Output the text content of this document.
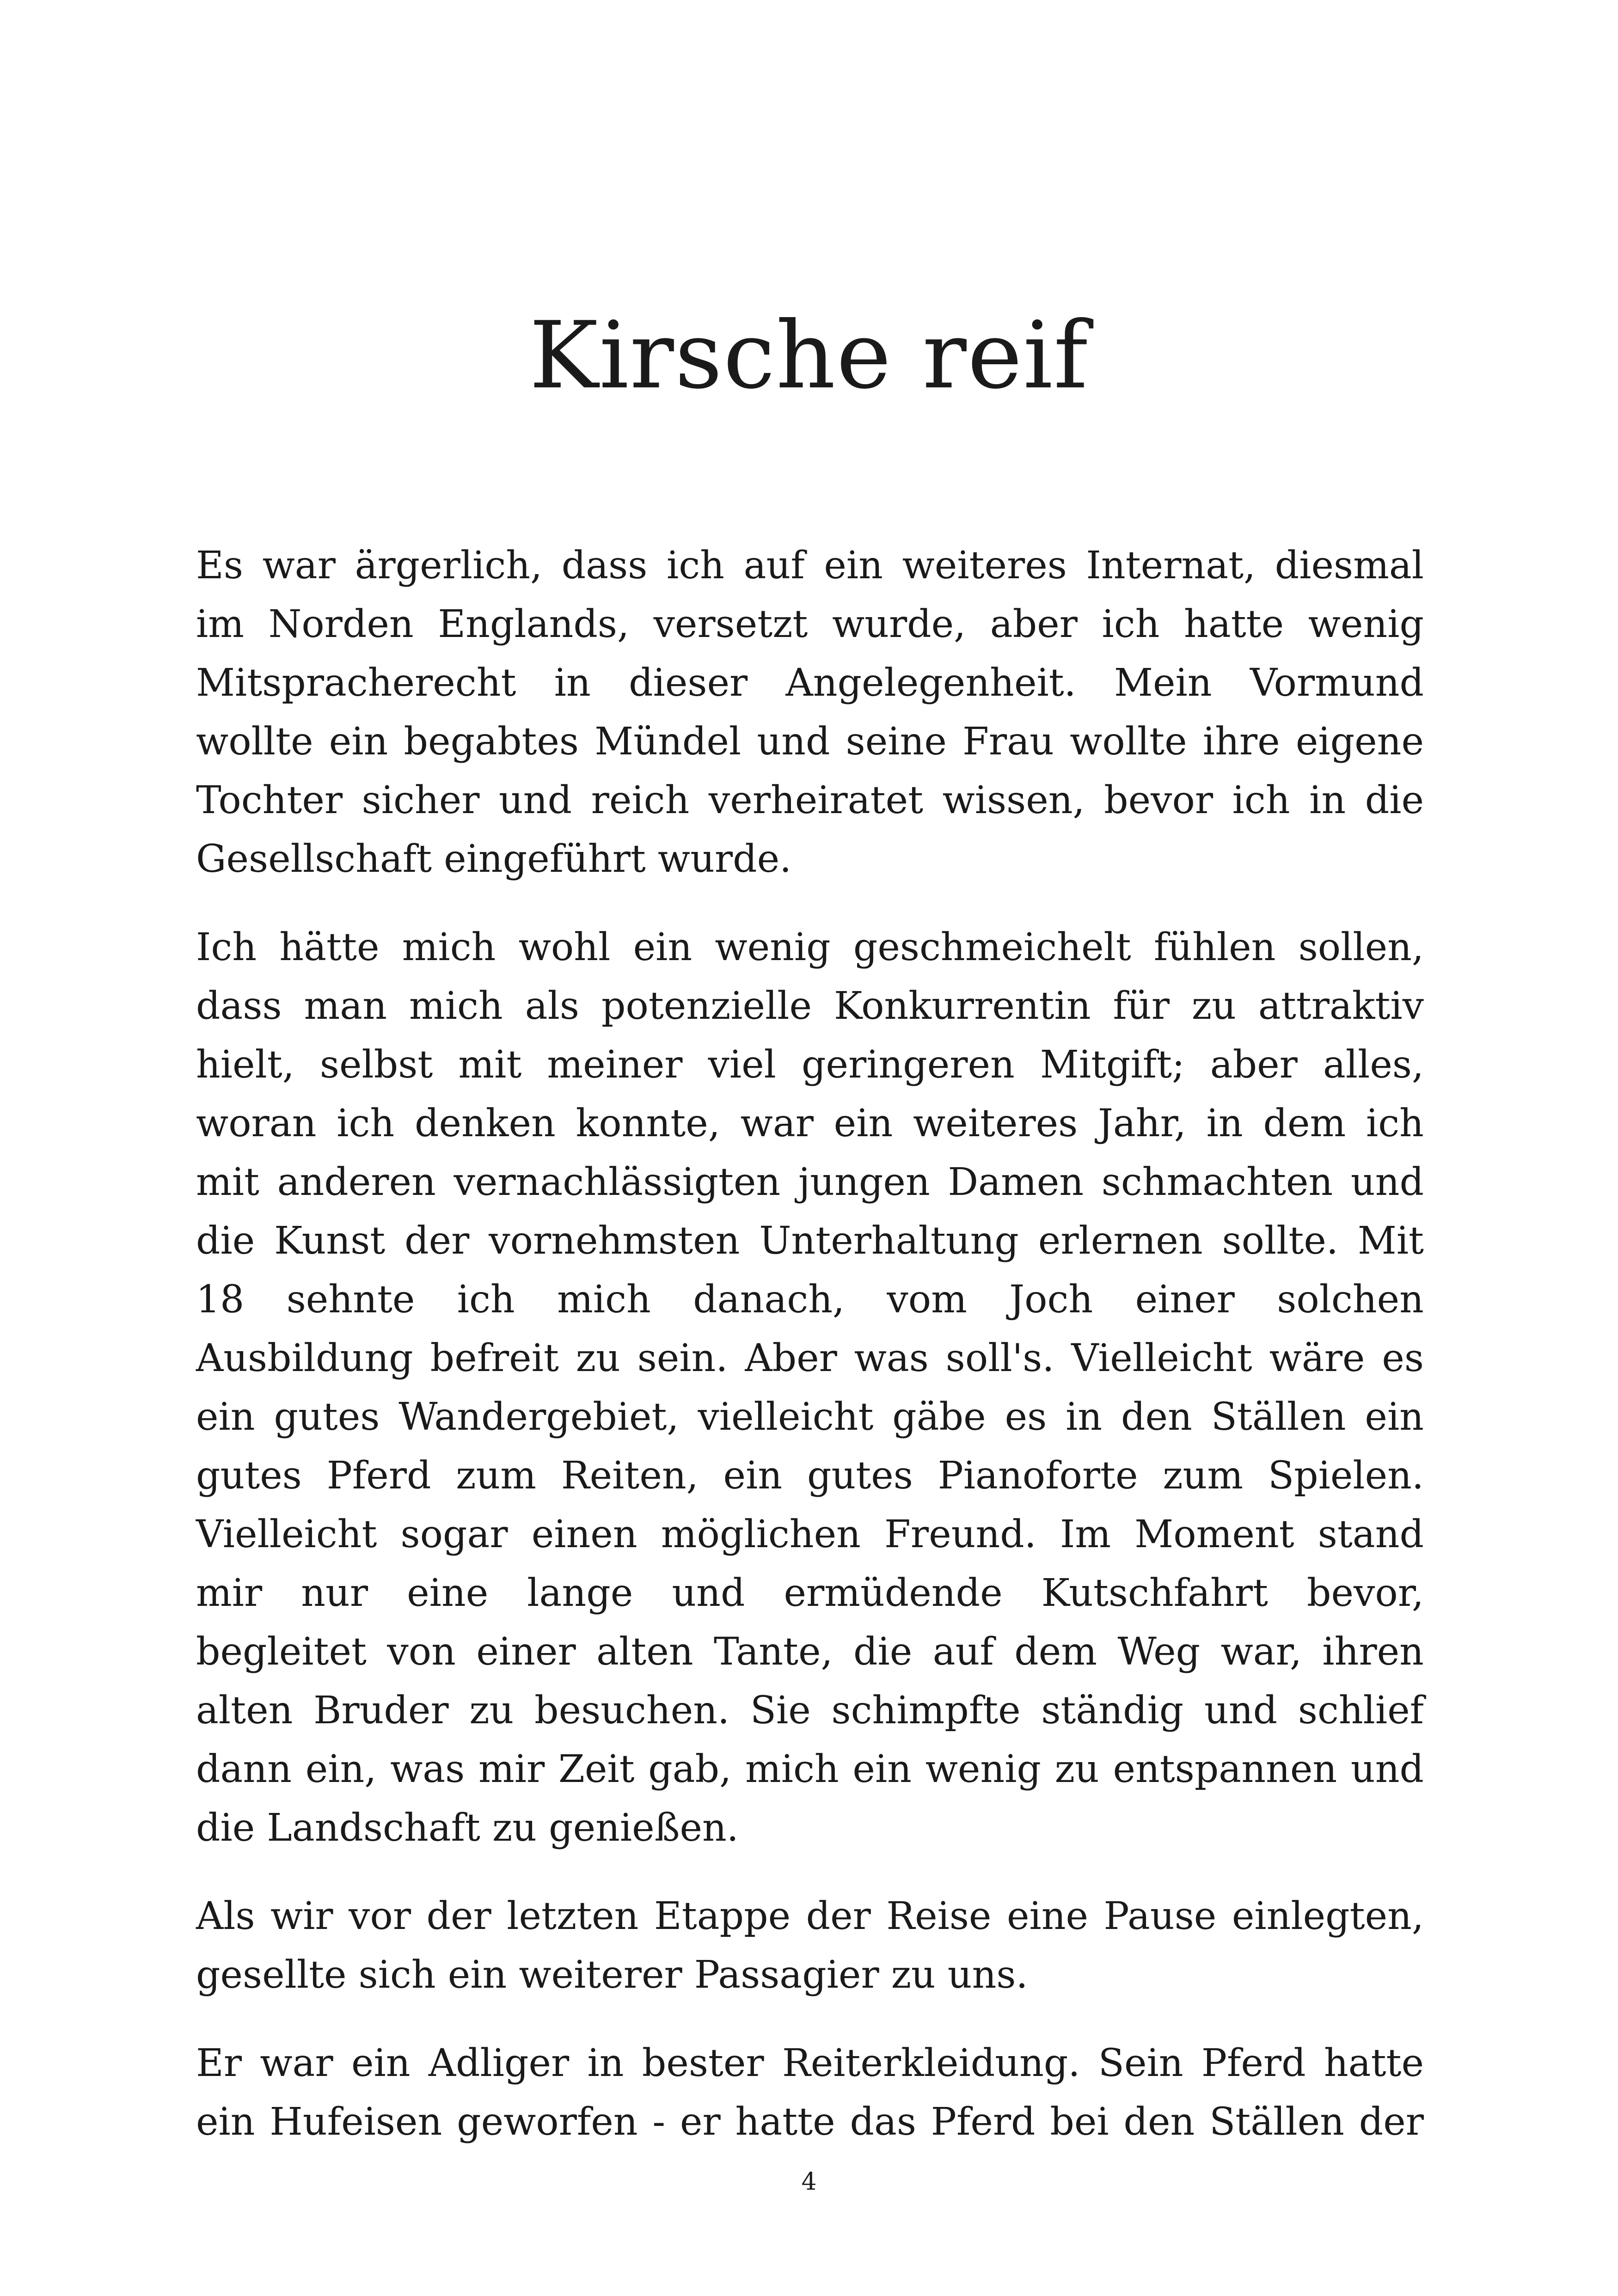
Kirsche reif

Es war ärgerlich, dass ich auf ein weiteres Internat, diesmal
im Norden Englands, versetzt wurde, aber ich hatte wenig
Mitspracherecht in dieser Angelegenheit. Mein Vormund
wollte ein begabtes Mündel und seine Frau wollte ihre eigene
Tochter sicher und reich verheiratet wissen, bevor ich in die
Gesellschaft eingeführt wurde.

Ich hätte mich wohl ein wenig geschmeichelt fühlen sollen,
dass man mich als potenzielle Konkurrentin für zu attraktiv
hielt, selbst mit meiner viel geringeren Mitgift; aber alles,
woran ich denken konnte, war ein weiteres Jahr, in dem ich
mit anderen vernachlässigten jungen Damen schmachten und
die Kunst der vornehmsten Unterhaltung erlernen sollte. Mit
18 sehnte ich mich danach, vom Joch einer solchen
Ausbildung befreit zu sein. Aber was soll's. Vielleicht wäre es
ein gutes Wandergebiet, vielleicht gäbe es in den Ställen ein
gutes Pferd zum Reiten, ein gutes Pianoforte zum Spielen.
Vielleicht sogar einen möglichen Freund. Im Moment stand
mir nur eine lange und ermüdende Kutschfahrt bevor,
begleitet von einer alten Tante, die auf dem Weg war, ihren
alten Bruder zu besuchen. Sie schimpfte ständig und schlief
dann ein, was mir Zeit gab, mich ein wenig zu entspannen und
die Landschaft zu genießen.

Als wir vor der letzten Etappe der Reise eine Pause einlegten,
gesellte sich ein weiterer Passagier zu uns.

Er war ein Adliger in bester Reiterkleidung. Sein Pferd hatte
ein Hufeisen geworfen - er hatte das Pferd bei den Ställen der

4
